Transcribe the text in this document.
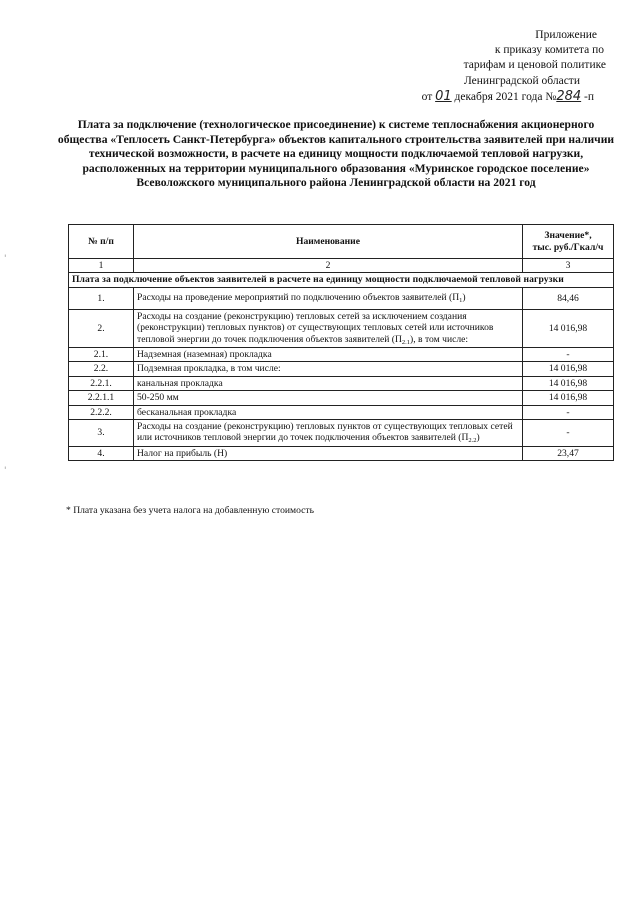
'
'
Приложение
к приказу комитета по
тарифам и ценовой политике
Ленинградской области
от 01 декабря 2021 года №284 -п
Плата за подключение (технологическое присоединение) к системе теплоснабжения акционерного общества «Теплосеть Санкт-Петербурга» объектов капитального строительства заявителей при наличии технической возможности, в расчете на единицу мощности подключаемой тепловой нагрузки, расположенных на территории муниципального образования «Муринское городское поселение» Всеволожского муниципального района Ленинградской области на 2021 год
№ п/п	Наименование	Значение*,
тыс. руб./Гкал/ч

1	2	3
Плата за подключение объектов заявителей в расчете на единицу мощности подключаемой тепловой нагрузки		
1.	Расходы на проведение мероприятий по подключению объектов заявителей $(П_1)$	84,46
2.	Расходы на создание (реконструкцию) тепловых сетей за исключением создания (реконструкции) тепловых пунктов) от существующих тепловых сетей или источников тепловой энергии до точек подключения объектов заявителей $(П_{2.1})$, в том числе:	14 016,98
2.1.	Надземная (наземная) прокладка	-
2.2.	Подземная прокладка, в том числе:	14 016,98
2.2.1.	канальная прокладка	14 016,98
2.2.1.1	50-250 мм	14 016,98
2.2.2.	бесканальная прокладка	-
3.	Расходы на создание (реконструкцию) тепловых пунктов от существующих тепловых сетей или источников тепловой энергии до точек подключения объектов заявителей $(П_{2.2})$	-
4.	Налог на прибыль (Н)	23,47
* Плата указана без учета налога на добавленную стоимость
